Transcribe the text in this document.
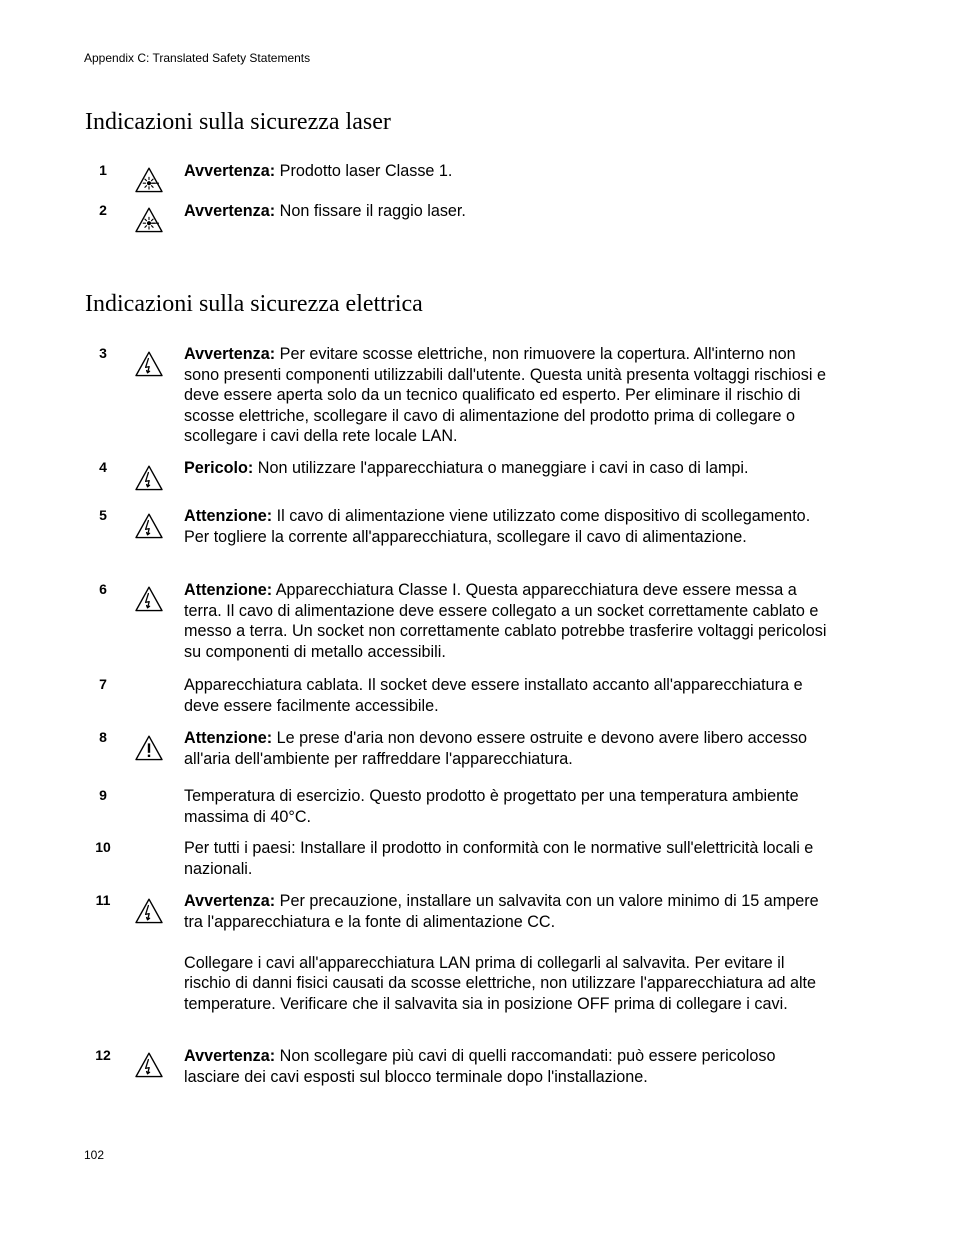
Appendix C: Translated Safety Statements
Indicazioni sulla sicurezza laser
1	Avvertenza: Prodotto laser Classe 1.

2	Avvertenza: Non fissare il raggio laser.

Indicazioni sulla sicurezza elettrica
3	Avvertenza: Per evitare scosse elettriche, non rimuovere la copertura. All'interno non sono presenti componenti utilizzabili dall'utente. Questa unità presenta voltaggi rischiosi e deve essere aperta solo da un tecnico qualificato ed esperto. Per eliminare il rischio di scosse elettriche, scollegare il cavo di alimentazione del prodotto prima di collegare o scollegare i cavi della rete locale LAN.

4	Pericolo: Non utilizzare l'apparecchiatura o maneggiare i cavi in caso di lampi.

5	Attenzione: Il cavo di alimentazione viene utilizzato come dispositivo di scollegamento. Per togliere la corrente all'apparecchiatura, scollegare il cavo di alimentazione.

6	Attenzione: Apparecchiatura Classe I. Questa apparecchiatura deve essere messa a terra. Il cavo di alimentazione deve essere collegato a un socket correttamente cablato e messo a terra. Un socket non correttamente cablato potrebbe trasferire voltaggi pericolosi su componenti di metallo accessibili.

7	Apparecchiatura cablata. Il socket deve essere installato accanto all'apparecchiatura e deve essere facilmente accessibile.

8	Attenzione: Le prese d'aria non devono essere ostruite e devono avere libero accesso all'aria dell'ambiente per raffreddare l'apparecchiatura.

9	Temperatura di esercizio. Questo prodotto è progettato per una temperatura ambiente massima di 40°C.

10	Per tutti i paesi: Installare il prodotto in conformità con le normative sull'elettricità locali e nazionali.

11	Avvertenza: Per precauzione, installare un salvavita con un valore minimo di 15 ampere tra l'apparecchiatura e la fonte di alimentazione CC.

Collegare i cavi all'apparecchiatura LAN prima di collegarli al salvavita. Per evitare il rischio di danni fisici causati da scosse elettriche, non utilizzare l'apparecchiatura ad alte temperature. Verificare che il salvavita sia in posizione OFF prima di collegare i cavi.

12	Avvertenza: Non scollegare più cavi di quelli raccomandati: può essere pericoloso lasciare dei cavi esposti sul blocco terminale dopo l'installazione.

102
